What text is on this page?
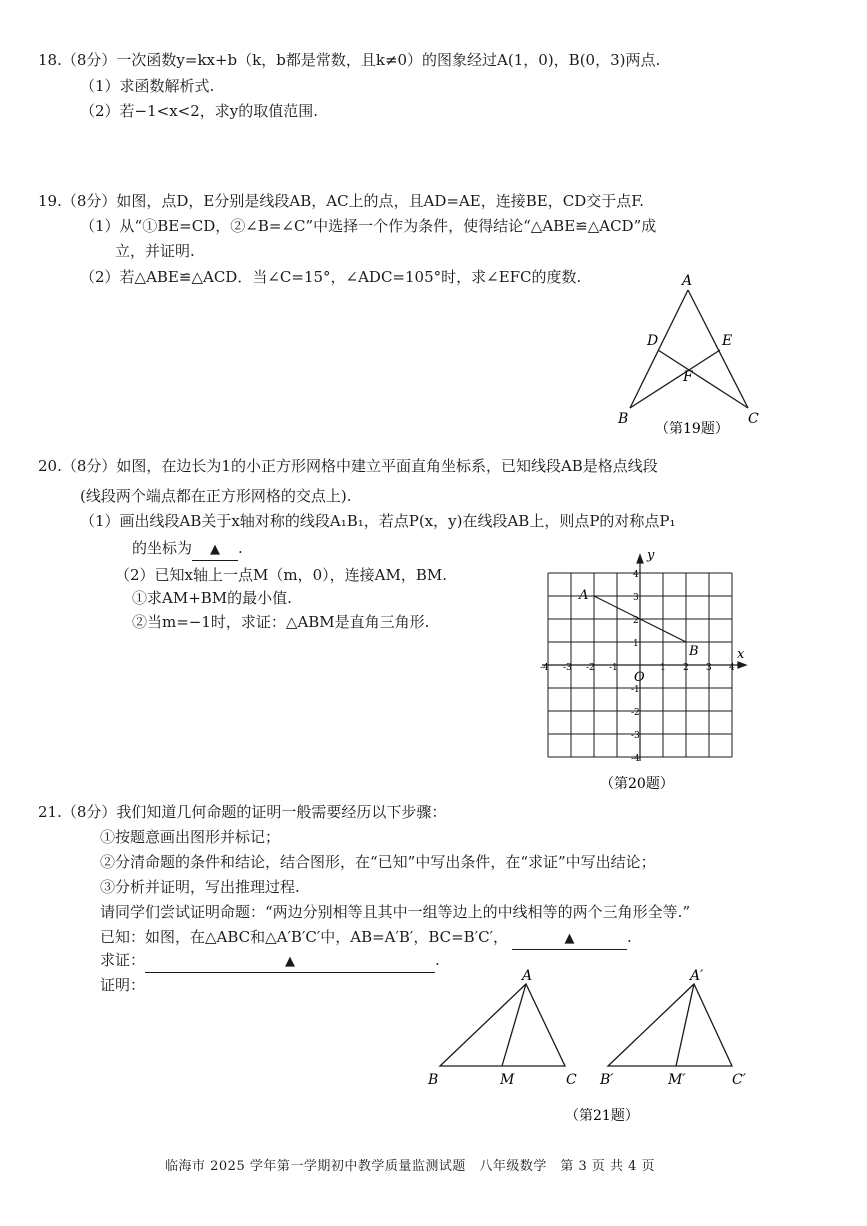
18.（8分）一次函数y=kx+b（k，b都是常数，且k≠0）的图象经过A(1，0)，B(0，3)两点.
（1）求函数解析式.
（2）若−1<x<2，求y的取值范围.
19.（8分）如图，点D，E分别是线段AB，AC上的点，且AD=AE，连接BE，CD交于点F.
（1）从“①BE=CD，②∠B=∠C”中选择一个作为条件，使得结论“△ABE≌△ACD”成
立，并证明.
（2）若△ABE≌△ACD．当∠C=15°，∠ADC=105°时，求∠EFC的度数.	A
D	E
F
B	C
（第19题）
20.（8分）如图，在边长为1的小正方形网格中建立平面直角坐标系，已知线段AB是格点线段
(线段两个端点都在正方形网格的交点上).
（1）画出线段AB关于x轴对称的线段A₁B₁，若点P(x，y)在线段AB上，则点P的对称点P₁
的坐标为 ▲ .
（2）已知x轴上一点M（m，0），连接AM，BM.
①求AM+BM的最小值.
②当m=−1时，求证：△ABM是直角三角形.
-4 -3 -2 -1	1 2 3 4
4
3
2
1
-1
-2
-3
-4
A
B
O
x
y
（第20题）
21.（8分）我们知道几何命题的证明一般需要经历以下步骤：
①按题意画出图形并标记；
②分清命题的条件和结论，结合图形，在“已知”中写出条件，在“求证”中写出结论；
③分析并证明，写出推理过程.
请同学们尝试证明命题：“两边分别相等且其中一组等边上的中线相等的两个三角形全等.”
已知：如图，在△ABC和△A′B′C′中，AB=A′B′，BC=B′C′，	▲	.
求证：	▲	.
证明：	A
B	M	C
A′
B′	M′	C′
（第21题）
临海市 2025 学年第一学期初中教学质量监测试题　八年级数学　第 3 页 共 4 页
